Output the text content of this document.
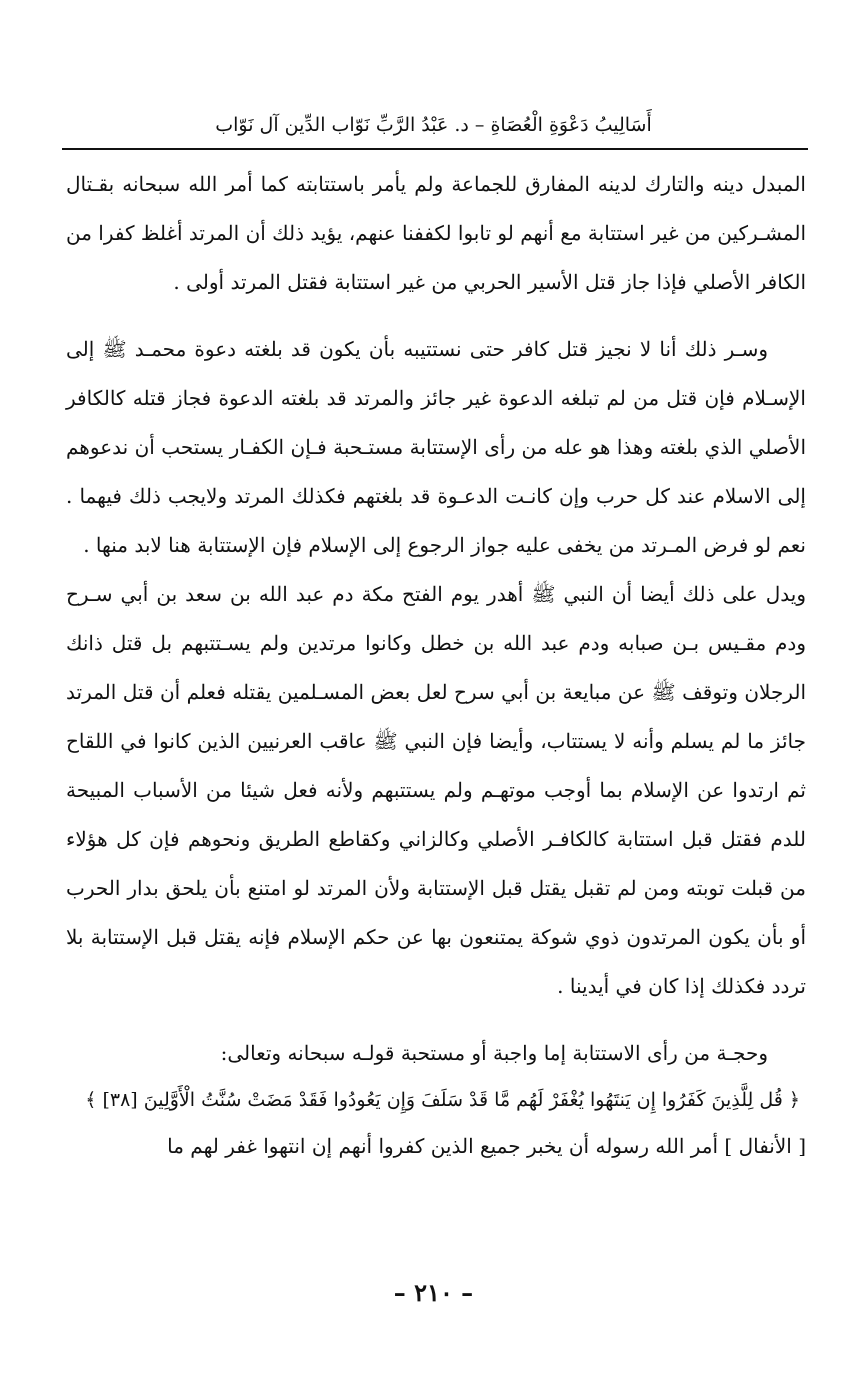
أَسَالِيبُ دَعْوَةِ الْعُصَاةِ – د. عَبْدُ الرَّبِّ نَوّاب الدِّين آل نَوّاب

المبدل دينه والتارك لدينه المفارق للجماعة ولم يأمر باستتابته كما أمر الله سبحانه بقـتال المشـركين من غير استتابة مع أنهم لو تابوا لكففنا عنهم، يؤيد ذلك أن المرتد أغلظ كفرا من الكافر الأصلي فإذا جاز قتل الأسير الحربي من غير استتابة فقتل المرتد أولى .

وسـر ذلك أنا لا نجيز قتل كافر حتى نستتيبه بأن يكون قد بلغته دعوة محمـد ﷺ إلى الإسـلام فإن قتل من لم تبلغه الدعوة غير جائز والمرتد قد بلغته الدعوة فجاز قتله كالكافر الأصلي الذي بلغته وهذا هو عله من رأى الإستتابة مستـحبة فـإن الكفـار يستحب أن ندعوهم إلى الاسلام عند كل حرب وإن كانـت الدعـوة قد بلغتهم فكذلك المرتد ولايجب ذلك فيهما . نعم لو فرض المـرتد من يخفى عليه جواز الرجوع إلى الإسلام فإن الإستتابة هنا لابد منها .

ويدل على ذلك أيضا أن النبي ﷺ أهدر يوم الفتح مكة دم عبد الله بن سعد بن أبي سـرح ودم مقـيس بـن صبابه ودم عبد الله بن خطل وكانوا مرتدين ولم يسـتتبهم بل قتل ذانك الرجلان وتوقف ﷺ عن مبايعة بن أبي سرح لعل بعض المسـلمين يقتله فعلم أن قتل المرتد جائز ما لم يسلم وأنه لا يستتاب، وأيضا فإن النبي ﷺ عاقب العرنيين الذين كانوا في اللقاح ثم ارتدوا عن الإسلام بما أوجب موتهـم ولم يستتبهم ولأنه فعل شيئا من الأسباب المبيحة للدم فقتل قبل استتابة كالكافـر الأصلي وكالزاني وكقاطع الطريق ونحوهم فإن كل هؤلاء من قبلت توبته ومن لم تقبل يقتل قبل الإستتابة ولأن المرتد لو امتنع بأن يلحق بدار الحرب أو بأن يكون المرتدون ذوي شوكة يمتنعون بها عن حكم الإسلام فإنه يقتل قبل الإستتابة بلا تردد فكذلك إذا كان في أيدينا .

وحجـة من رأى الاستتابة إما واجبة أو مستحبة قولـه سبحانه وتعالى:

﴿قُل لِلَّذِينَ كَفَرُوا إِن يَنتَهُوا يُغْفَرْ لَهُم مَّا قَدْ سَلَفَ وَإِن يَعُودُوا فَقَدْ مَضَتْ سُنَّتُ الْأَوَّلِينَ [٣٨]﴾

[ الأنفال ] أمر الله رسوله أن يخبر جميع الذين كفروا أنهم إن انتهوا غفر لهم ما

– ٢١٠ –
